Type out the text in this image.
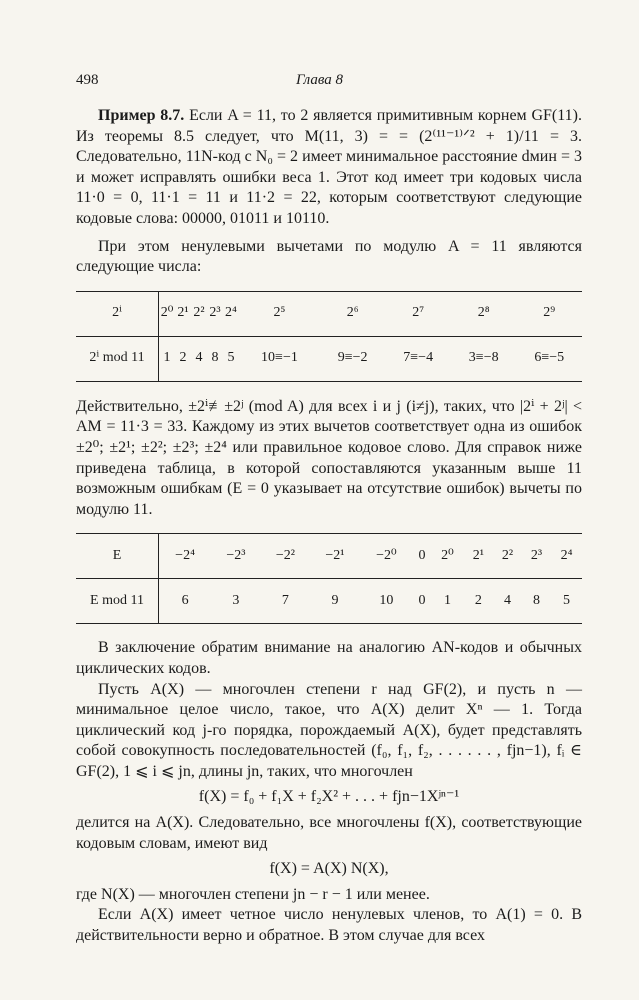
498	Глава 8

Пример 8.7. Если A = 11, то 2 является примитивным корнем GF(11). Из теоремы 8.5 следует, что M(11, 3) = = (2⁽¹¹⁻¹⁾ᐟ² + 1)/11 = 3. Следовательно, 11N-код с N₀ = 2 имеет минимальное расстояние dмин = 3 и может исправлять ошибки веса 1. Этот код имеет три кодовых числа 11·0 = 0, 11·1 = 11 и 11·2 = 22, которым соответствуют следующие кодовые слова: 00000, 01011 и 10110.

При этом ненулевыми вычетами по модулю A = 11 являются следующие числа:

2ⁱ	2⁰	2¹	2²	2³	2⁴	2⁵	2⁶	2⁷	2⁸	2⁹
2ⁱ mod 11	1	2	4	8	5	10≡−1	9≡−2	7≡−4	3≡−8	6≡−5

Действительно, ±2ⁱ≢±2ʲ (mod A) для всех i и j (i≠j), таких, что |2ⁱ + 2ʲ| < AM = 11·3 = 33. Каждому из этих вычетов соответствует одна из ошибок ±2⁰; ±2¹; ±2²; ±2³; ±2⁴ или правильное кодовое слово. Для справок ниже приведена таблица, в которой сопоставляются указанным выше 11 возможным ошибкам (E = 0 указывает на отсутствие ошибок) вычеты по модулю 11.

E	−2⁴	−2³	−2²	−2¹	−2⁰	0	2⁰	2¹	2²	2³	2⁴
E mod 11	6	3	7	9	10	0	1	2	4	8	5

В заключение обратим внимание на аналогию AN-кодов и обычных циклических кодов.

Пусть A(X) — многочлен степени r над GF(2), и пусть n — минимальное целое число, такое, что A(X) делит Xⁿ — 1. Тогда циклический код j-го порядка, порождаемый A(X), будет представлять собой совокупность последовательностей (f₀, f₁, f₂, . . . . . . , fjn−1), fᵢ ∈ GF(2), 1 ⩽ i ⩽ jn, длины jn, таких, что многочлен

f(X) = f₀ + f₁X + f₂X² + . . . + fjn−1Xʲⁿ⁻¹

делится на A(X). Следовательно, все многочлены f(X), соответствующие кодовым словам, имеют вид

f(X) = A(X) N(X),

где N(X) — многочлен степени jn − r − 1 или менее.

Если A(X) имеет четное число ненулевых членов, то A(1) = 0. В действительности верно и обратное. В этом случае для всех
